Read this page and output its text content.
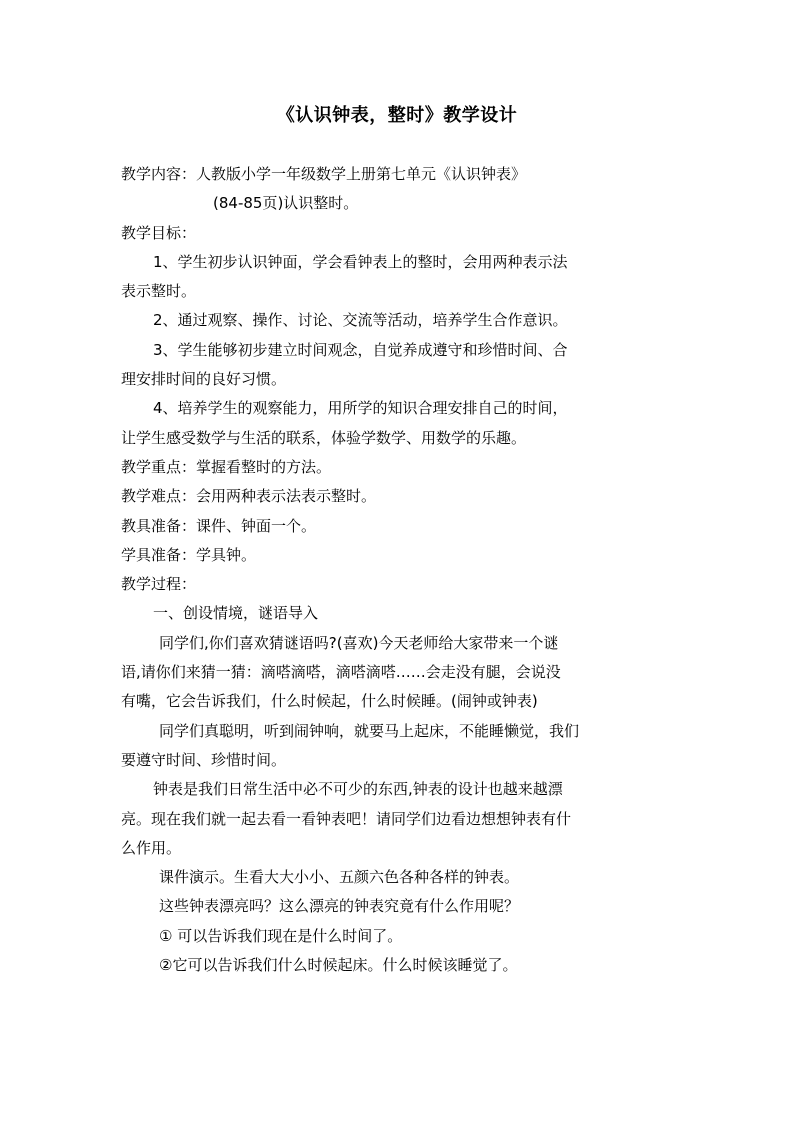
《认识钟表，整时》教学设计
教学内容：人教版小学一年级数学上册第七单元《认识钟表》
(84-85页)认识整时。
教学目标：
1、学生初步认识钟面，学会看钟表上的整时，会用两种表示法
表示整时。
2、通过观察、操作、讨论、交流等活动，培养学生合作意识。
3、学生能够初步建立时间观念，自觉养成遵守和珍惜时间、合
理安排时间的良好习惯。
4、培养学生的观察能力，用所学的知识合理安排自己的时间，
让学生感受数学与生活的联系，体验学数学、用数学的乐趣。
教学重点：掌握看整时的方法。
教学难点：会用两种表示法表示整时。
教具准备：课件、钟面一个。
学具准备：学具钟。
教学过程：
一、创设情境，谜语导入
同学们,你们喜欢猜谜语吗?(喜欢)今天老师给大家带来一个谜
语,请你们来猜一猜：滴嗒滴嗒，滴嗒滴嗒……会走没有腿，会说没
有嘴，它会告诉我们，什么时候起，什么时候睡。(闹钟或钟表)
同学们真聪明，听到闹钟响，就要马上起床，不能睡懒觉，我们
要遵守时间、珍惜时间。
钟表是我们日常生活中必不可少的东西,钟表的设计也越来越漂
亮。现在我们就一起去看一看钟表吧！请同学们边看边想想钟表有什
么作用。
课件演示。生看大大小小、五颜六色各种各样的钟表。
这些钟表漂亮吗？这么漂亮的钟表究竟有什么作用呢？
① 可以告诉我们现在是什么时间了。
②它可以告诉我们什么时候起床。什么时候该睡觉了。
